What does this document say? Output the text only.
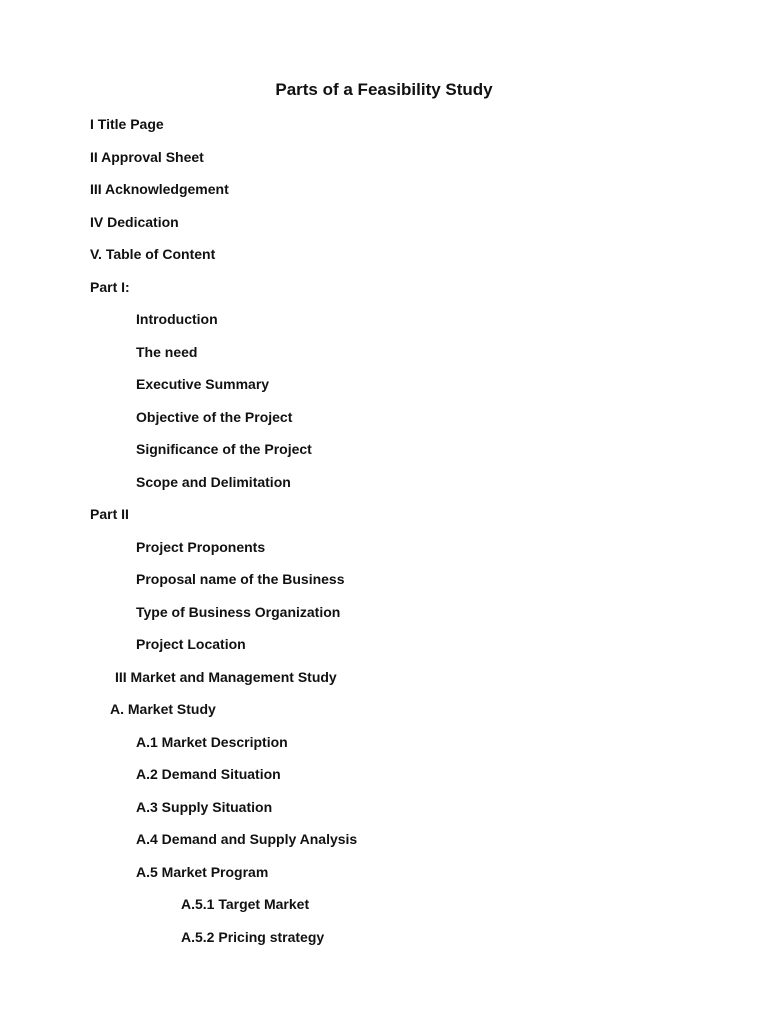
Parts of a Feasibility Study
I Title Page
II Approval Sheet
III Acknowledgement
IV Dedication
V. Table of Content
Part I:
Introduction
The need
Executive Summary
Objective of the Project
Significance of the Project
Scope and Delimitation
Part II
Project Proponents
Proposal name of the Business
Type of Business Organization
Project Location
III Market and Management Study
A. Market Study
A.1 Market Description
A.2 Demand Situation
A.3 Supply Situation
A.4 Demand and Supply Analysis
A.5 Market Program
A.5.1 Target Market
A.5.2 Pricing strategy
